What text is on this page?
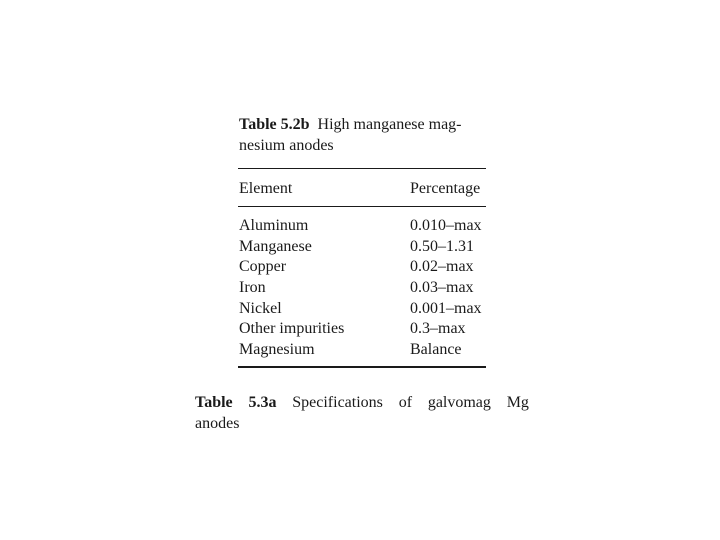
Table 5.2b High manganese mag-
nesium anodes
Element	Percentage
Aluminum	0.010–max
Manganese	0.50–1.31
Copper	0.02–max
Iron	0.03–max
Nickel	0.001–max
Other impurities	0.3–max
Magnesium	Balance
Table 5.3a Specifications of galvomag Mg
anodes
